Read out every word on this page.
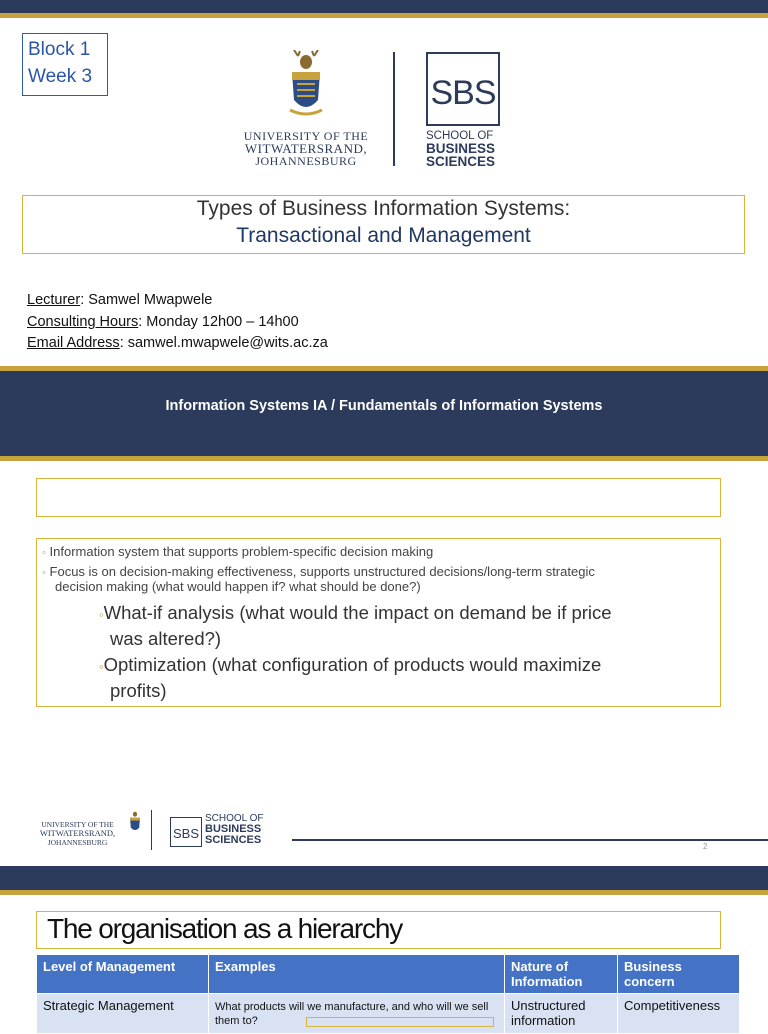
Block 1
Week 3
UNIVERSITY OF THE
WITWATERSRAND,
JOHANNESBURG
SBS
SCHOOL OF
BUSINESS
SCIENCES
Types of Business Information Systems:
Transactional and Management
Lecturer: Samwel Mwapwele
Consulting Hours: Monday 12h00 – 14h00
Email Address: samwel.mwapwele@wits.ac.za
Information Systems IA / Fundamentals of Information Systems
◦ Information system that supports problem-specific decision making
◦ Focus is on decision-making effectiveness, supports unstructured decisions/long-term strategic
decision making (what would happen if? what should be done?)
◦What-if analysis (what would the impact on demand be if price
was altered?)
◦Optimization (what configuration of products would maximize
profits)
UNIVERSITY OF THE
WITWATERSRAND,
JOHANNESBURG
SBS
SCHOOL OF
BUSINESS
SCIENCES
2
The organisation as a hierarchy
Level of Management	Examples	Nature of Information	Business concern
Strategic Management	What products will we manufacture, and who will we sell them to?	Unstructured information	Competitiveness
